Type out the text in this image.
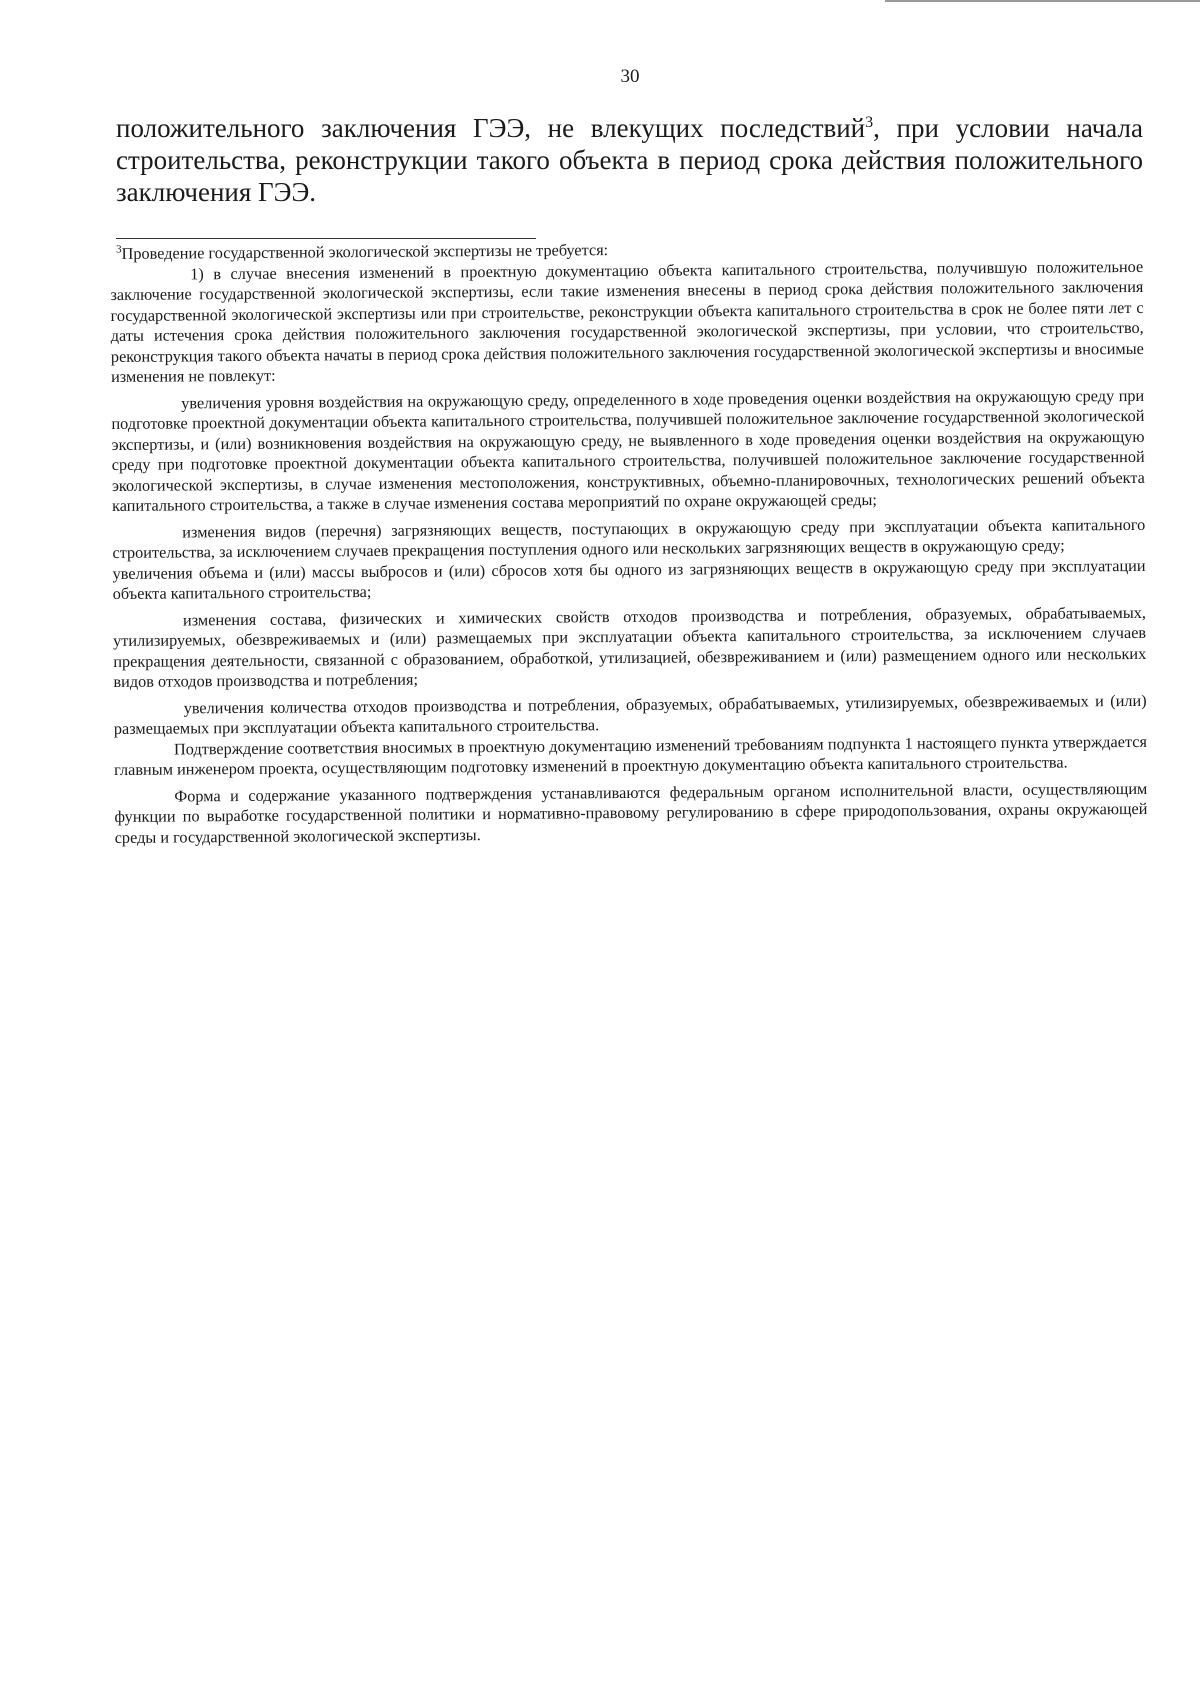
30

положительного заключения ГЭЭ, не влекущих последствий$^3$, при условии начала строительства, реконструкции такого объекта в период срока действия положительного заключения ГЭЭ.

$^3$Проведение государственной экологической экспертизы не требуется:

1) в случае внесения изменений в проектную документацию объекта капитального строительства, получившую положительное заключение государственной экологической экспертизы, если такие изменения внесены в период срока действия положительного заключения государственной экологической экспертизы или при строительстве, реконструкции объекта капитального строительства в срок не более пяти лет с даты истечения срока действия положительного заключения государственной экологической экспертизы, при условии, что строительство, реконструкция такого объекта начаты в период срока действия положительного заключения государственной экологической экспертизы и вносимые изменения не повлекут:

увеличения уровня воздействия на окружающую среду, определенного в ходе проведения оценки воздействия на окружающую среду при подготовке проектной документации объекта капитального строительства, получившей положительное заключение государственной экологической экспертизы, и (или) возникновения воздействия на окружающую среду, не выявленного в ходе проведения оценки воздействия на окружающую среду при подготовке проектной документации объекта капитального строительства, получившей положительное заключение государственной экологической экспертизы, в случае изменения местоположения, конструктивных, объемно-планировочных, технологических решений объекта капитального строительства, а также в случае изменения состава мероприятий по охране окружающей среды;

изменения видов (перечня) загрязняющих веществ, поступающих в окружающую среду при эксплуатации объекта капитального строительства, за исключением случаев прекращения поступления одного или нескольких загрязняющих веществ в окружающую среду;

увеличения объема и (или) массы выбросов и (или) сбросов хотя бы одного из загрязняющих веществ в окружающую среду при эксплуатации объекта капитального строительства;

изменения состава, физических и химических свойств отходов производства и потребления, образуемых, обрабатываемых, утилизируемых, обезвреживаемых и (или) размещаемых при эксплуатации объекта капитального строительства, за исключением случаев прекращения деятельности, связанной с образованием, обработкой, утилизацией, обезвреживанием и (или) размещением одного или нескольких видов отходов производства и потребления;

увеличения количества отходов производства и потребления, образуемых, обрабатываемых, утилизируемых, обезвреживаемых и (или) размещаемых при эксплуатации объекта капитального строительства.

Подтверждение соответствия вносимых в проектную документацию изменений требованиям подпункта 1 настоящего пункта утверждается главным инженером проекта, осуществляющим подготовку изменений в проектную документацию объекта капитального строительства.

Форма и содержание указанного подтверждения устанавливаются федеральным органом исполнительной власти, осуществляющим функции по выработке государственной политики и нормативно-правовому регулированию в сфере природопользования, охраны окружающей среды и государственной экологической экспертизы.
